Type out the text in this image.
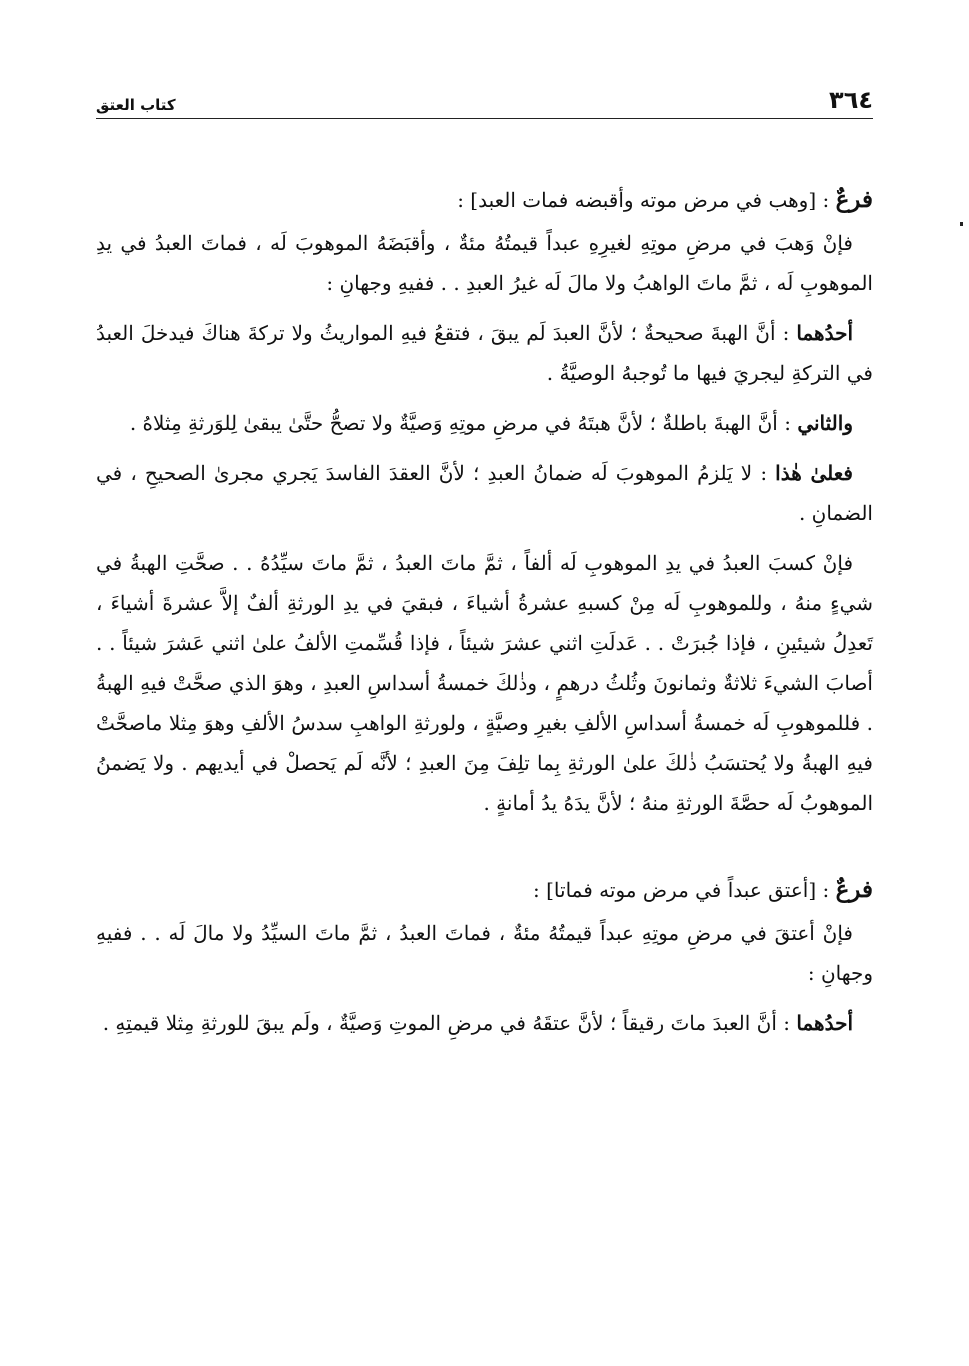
٣٦٤
كتاب العتق
فرعٌ : [وهب في مرض موته وأقبضه فمات العبد] :

فإنْ وَهبَ في مرضِ موتِهِ لغيرِهِ عبداً قيمتُهُ مئةٌ ، وأقبَضَهُ الموهوبَ لَه ، فماتَ العبدُ في يدِ الموهوبِ لَه ، ثمَّ ماتَ الواهبُ ولا مالَ لَه غيرُ العبدِ . . ففيهِ وجهانِ :

أحدُهما : أنَّ الهبةَ صحيحةٌ ؛ لأنَّ العبدَ لَم يبقَ ، فتقعُ فيهِ المواريثُ ولا تركةَ هناكَ فيدخلَ العبدُ في التركةِ ليجريَ فيها ما تُوجبهُ الوصيَّةُ .

والثاني : أنَّ الهبةَ باطلةٌ ؛ لأنَّ هبتَهُ في مرضِ موتِهِ وَصيَّةٌ ولا تصحُّ حتَّىٰ يبقىٰ لِلوَرثةِ مِثلاهُ .

فعلىٰ هٰذا : لا يَلزمُ الموهوبَ لَه ضمانُ العبدِ ؛ لأنَّ العقدَ الفاسدَ يَجري مجرىٰ الصحيحِ ، في الضمانِ .

فإنْ كسبَ العبدُ في يدِ الموهوبِ لَه ألفاً ، ثمَّ ماتَ العبدُ ، ثمَّ ماتَ سيِّدُهُ . . صحَّتِ الهبةُ في شيءٍ منهُ ، وللموهوبِ لَه مِنْ كسبهِ عشرةُ أشياءَ ، فبقيَ في يدِ الورثةِ ألفٌ إلاَّ عشرةَ أشياءَ ، تَعدِلُ شيئينِ ، فإذا جُبرَتْ . . عَدلَتِ اثني عشرَ شيئاً ، فإذا قُسِّمتِ الألفُ علىٰ اثني عَشرَ شيئاً . . أصابَ الشيءَ ثلاثةٌ وثمانونَ وثُلثُ درهمٍ ، وذٰلكَ خمسةُ أسداسِ العبدِ ، وهوَ الذي صحَّتْ فيهِ الهبةُ . فللموهوبِ لَه خمسةُ أسداسِ الألفِ بغيرِ وصيَّةٍ ، ولورثةِ الواهبِ سدسُ الألفِ وهوَ مِثلا ماصحَّتْ فيهِ الهبةُ ولا يُحتسَبُ ذٰلكَ علىٰ الورثةِ بِما تلِفَ مِنَ العبدِ ؛ لأنَّه لَم يَحصلْ في أيديهم . ولا يَضمنُ الموهوبُ لَه حصَّةَ الورثةِ منهُ ؛ لأنَّ يدَهُ يدُ أمانةٍ .

فرعٌ : [أعتق عبداً في مرض موته فماتا] :

فإنْ أعتقَ في مرضِ موتِهِ عبداً قيمتُهُ مئةٌ ، فماتَ العبدُ ، ثمَّ ماتَ السيِّدُ ولا مالَ لَه . . ففيهِ وجهانِ :

أحدُهما : أنَّ العبدَ ماتَ رقيقاً ؛ لأنَّ عتقَهُ في مرضِ الموتِ وَصيَّةٌ ، ولَم يبقَ للورثةِ مِثلا قيمتِهِ .
